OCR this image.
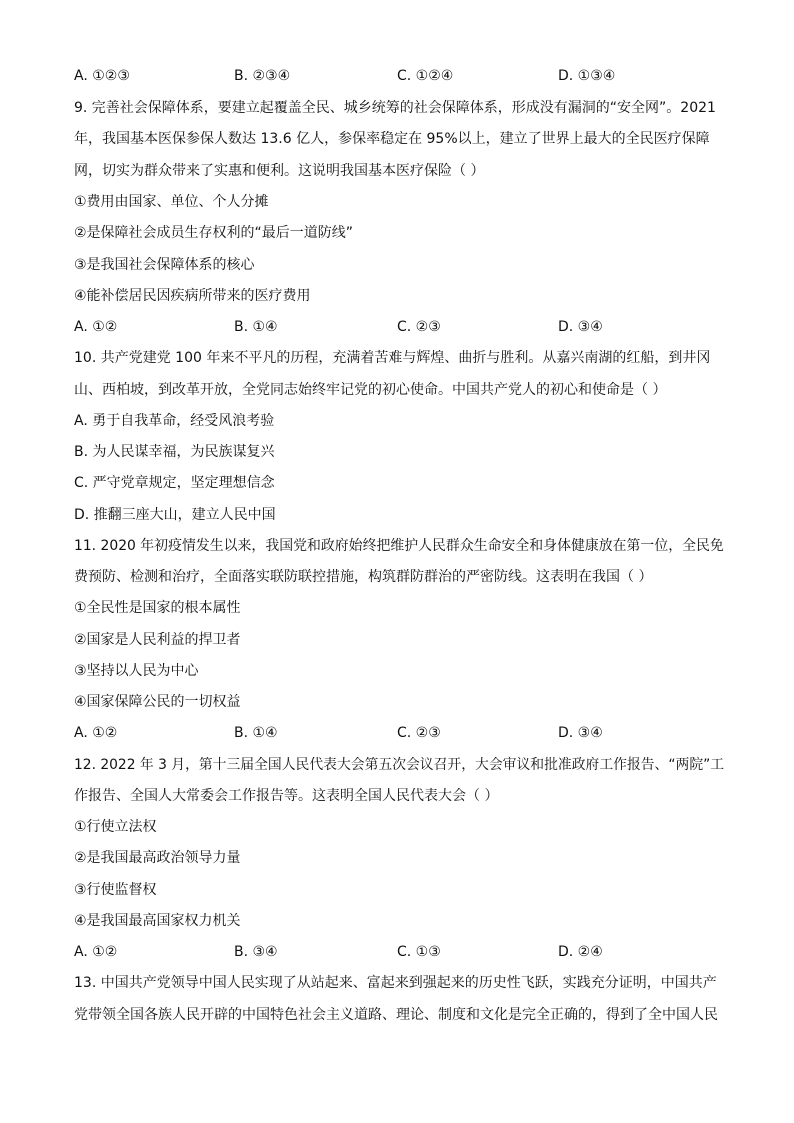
A. ①②③	B. ②③④	C. ①②④	D. ①③④
9. 完善社会保障体系，要建立起覆盖全民、城乡统筹的社会保障体系，形成没有漏洞的“安全网”。2021
年，我国基本医保参保人数达 13.6 亿人，参保率稳定在 95%以上，建立了世界上最大的全民医疗保障
网，切实为群众带来了实惠和便利。这说明我国基本医疗保险（ ）
①费用由国家、单位、个人分摊
②是保障社会成员生存权利的“最后一道防线”
③是我国社会保障体系的核心
④能补偿居民因疾病所带来的医疗费用
A. ①②	B. ①④	C. ②③	D. ③④
10. 共产党建党 100 年来不平凡的历程，充满着苦难与辉煌、曲折与胜利。从嘉兴南湖的红船，到井冈
山、西柏坡，到改革开放，全党同志始终牢记党的初心使命。中国共产党人的初心和使命是（ ）
A. 勇于自我革命，经受风浪考验
B. 为人民谋幸福，为民族谋复兴
C. 严守党章规定，坚定理想信念
D. 推翻三座大山，建立人民中国
11. 2020 年初疫情发生以来，我国党和政府始终把维护人民群众生命安全和身体健康放在第一位，全民免
费预防、检测和治疗，全面落实联防联控措施，构筑群防群治的严密防线。这表明在我国（ ）
①全民性是国家的根本属性
②国家是人民利益的捍卫者
③坚持以人民为中心
④国家保障公民的一切权益
A. ①②	B. ①④	C. ②③	D. ③④
12. 2022 年 3 月，第十三届全国人民代表大会第五次会议召开，大会审议和批准政府工作报告、“两院”工
作报告、全国人大常委会工作报告等。这表明全国人民代表大会（ ）
①行使立法权
②是我国最高政治领导力量
③行使监督权
④是我国最高国家权力机关
A. ①②	B. ③④	C. ①③	D. ②④
13. 中国共产党领导中国人民实现了从站起来、富起来到强起来的历史性飞跃，实践充分证明，中国共产
党带领全国各族人民开辟的中国特色社会主义道路、理论、制度和文化是完全正确的，得到了全中国人民
